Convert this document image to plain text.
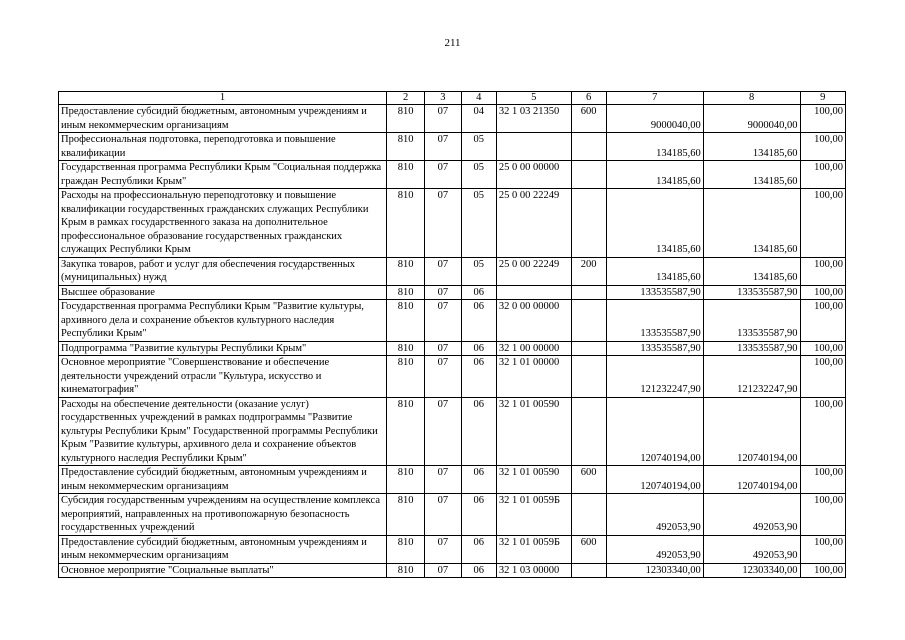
211
1	2	3	4	5	6	7	8	9
Предоставление субсидий бюджетным, автономным учреждениям и иным некоммерческим организациям	810	07	04	32 1 03 21350	600	9000040,00	9000040,00	100,00
Профессиональная подготовка, переподготовка и повышение квалификации	810	07	05			134185,60	134185,60	100,00
Государственная программа Республики Крым "Социальная поддержка граждан Республики Крым"	810	07	05	25 0 00 00000		134185,60	134185,60	100,00
Расходы на профессиональную переподготовку и повышение квалификации государственных гражданских служащих Республики Крым в рамках государственного заказа на дополнительное профессиональное образование государственных гражданских служащих Республики Крым	810	07	05	25 0 00 22249		134185,60	134185,60	100,00
Закупка товаров, работ и услуг для обеспечения государственных (муниципальных) нужд	810	07	05	25 0 00 22249	200	134185,60	134185,60	100,00
Высшее образование	810	07	06			133535587,90	133535587,90	100,00
Государственная программа Республики Крым "Развитие культуры, архивного дела и сохранение объектов культурного наследия Республики Крым"	810	07	06	32 0 00 00000		133535587,90	133535587,90	100,00
Подпрограмма "Развитие культуры Республики Крым"	810	07	06	32 1 00 00000		133535587,90	133535587,90	100,00
Основное мероприятие "Совершенствование и обеспечение деятельности учреждений отрасли "Культура, искусство и кинематография"	810	07	06	32 1 01 00000		121232247,90	121232247,90	100,00
Расходы на обеспечение деятельности (оказание услуг) государственных учреждений в рамках подпрограммы "Развитие культуры Республики Крым" Государственной программы Республики Крым "Развитие культуры, архивного дела и сохранение объектов культурного наследия Республики Крым"	810	07	06	32 1 01 00590		120740194,00	120740194,00	100,00
Предоставление субсидий бюджетным, автономным учреждениям и иным некоммерческим организациям	810	07	06	32 1 01 00590	600	120740194,00	120740194,00	100,00
Субсидия государственным учреждениям на осуществление комплекса мероприятий, направленных на противопожарную безопасность государственных учреждений	810	07	06	32 1 01 0059Б		492053,90	492053,90	100,00
Предоставление субсидий бюджетным, автономным учреждениям и иным некоммерческим организациям	810	07	06	32 1 01 0059Б	600	492053,90	492053,90	100,00
Основное мероприятие "Социальные выплаты"	810	07	06	32 1 03 00000		12303340,00	12303340,00	100,00
